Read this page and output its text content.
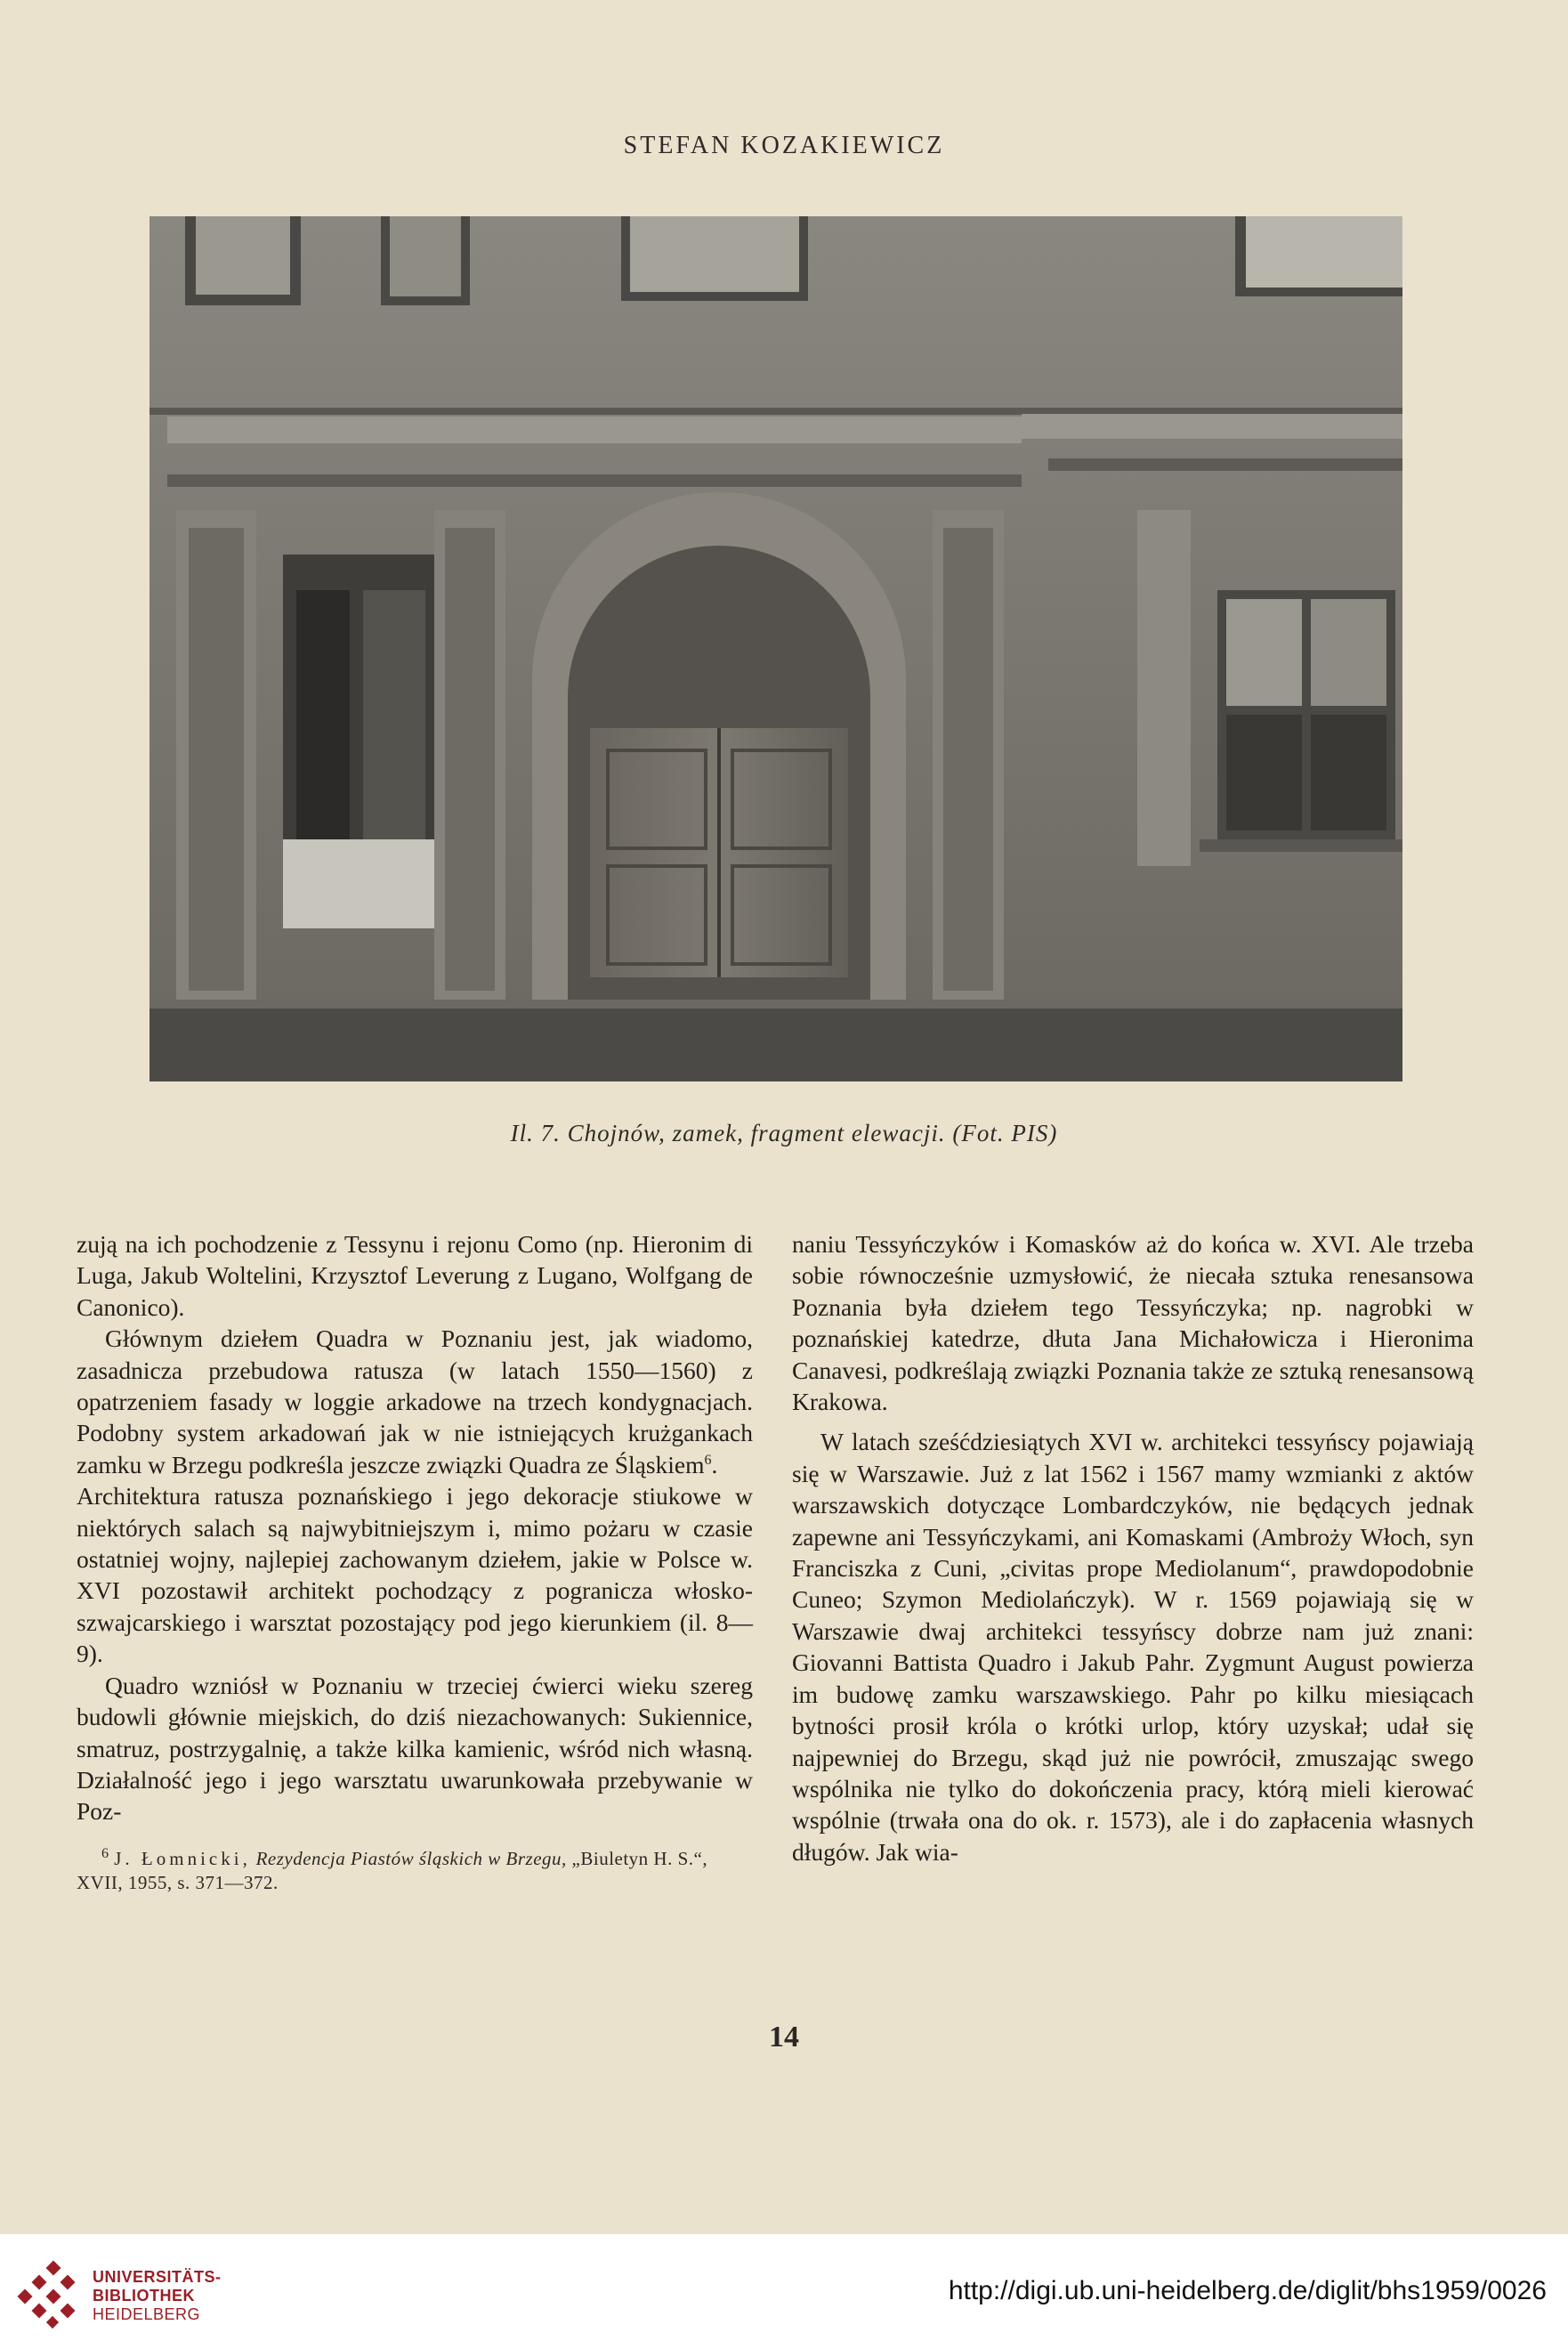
STEFAN KOZAKIEWICZ
Il. 7. Chojnów, zamek, fragment elewacji. (Fot. PIS)

zują na ich pochodzenie z Tessynu i rejonu Como (np. Hieronim di Luga, Jakub Woltelini, Krzysztof Leverung z Lugano, Wolfgang de Canonico).

Głównym dziełem Quadra w Poznaniu jest, jak wiadomo, zasadnicza przebudowa ratusza (w latach 1550—1560) z opatrzeniem fasady w loggie arkadowe na trzech kondygnacjach. Podobny system arkadowań jak w nie istniejących krużgankach zamku w Brzegu podkreśla jeszcze związki Quadra ze Śląskiem$^6$.

Architektura ratusza poznańskiego i jego dekoracje stiukowe w niektórych salach są najwybitniejszym i, mimo pożaru w czasie ostatniej wojny, najlepiej zachowanym dziełem, jakie w Polsce w. XVI pozostawił architekt pochodzący z pogranicza włosko-szwajcarskiego i warsztat pozostający pod jego kierunkiem (il. 8—9).

Quadro wzniósł w Poznaniu w trzeciej ćwierci wieku szereg budowli głównie miejskich, do dziś niezachowanych: Sukiennice, smatruz, postrzygalnię, a także kilka kamienic, wśród nich własną. Działalność jego i jego warsztatu uwarunkowała przebywanie w Poz-

naniu Tessyńczyków i Komasków aż do końca w. XVI. Ale trzeba sobie równocześnie uzmysłowić, że niecała sztuka renesansowa Poznania była dziełem tego Tessyńczyka; np. nagrobki w poznańskiej katedrze, dłuta Jana Michałowicza i Hieronima Canavesi, podkreślają związki Poznania także ze sztuką renesansową Krakowa.

W latach sześćdziesiątych XVI w. architekci tessyńscy pojawiają się w Warszawie. Już z lat 1562 i 1567 mamy wzmianki z aktów warszawskich dotyczące Lombardczyków, nie będących jednak zapewne ani Tessyńczykami, ani Komaskami (Ambroży Włoch, syn Franciszka z Cuni, „civitas prope Mediolanum“, prawdopodobnie Cuneo; Szymon Mediolańczyk). W r. 1569 pojawiają się w Warszawie dwaj architekci tessyńscy dobrze nam już znani: Giovanni Battista Quadro i Jakub Pahr. Zygmunt August powierza im budowę zamku warszawskiego. Pahr po kilku miesiącach bytności prosił króla o krótki urlop, który uzyskał; udał się najpewniej do Brzegu, skąd już nie powrócił, zmuszając swego wspólnika nie tylko do dokończenia pracy, którą mieli kierować wspólnie (trwała ona do ok. r. 1573), ale i do zapłacenia własnych długów. Jak wia-

$^6$ J. Łomnicki, Rezydencja Piastów śląskich w Brzegu, „Biuletyn H. S.“, XVII, 1955, s. 371—372.
14
UNIVERSITÄTS-
BIBLIOTHEK
HEIDELBERG
http://digi.ub.uni-heidelberg.de/diglit/bhs1959/0026
